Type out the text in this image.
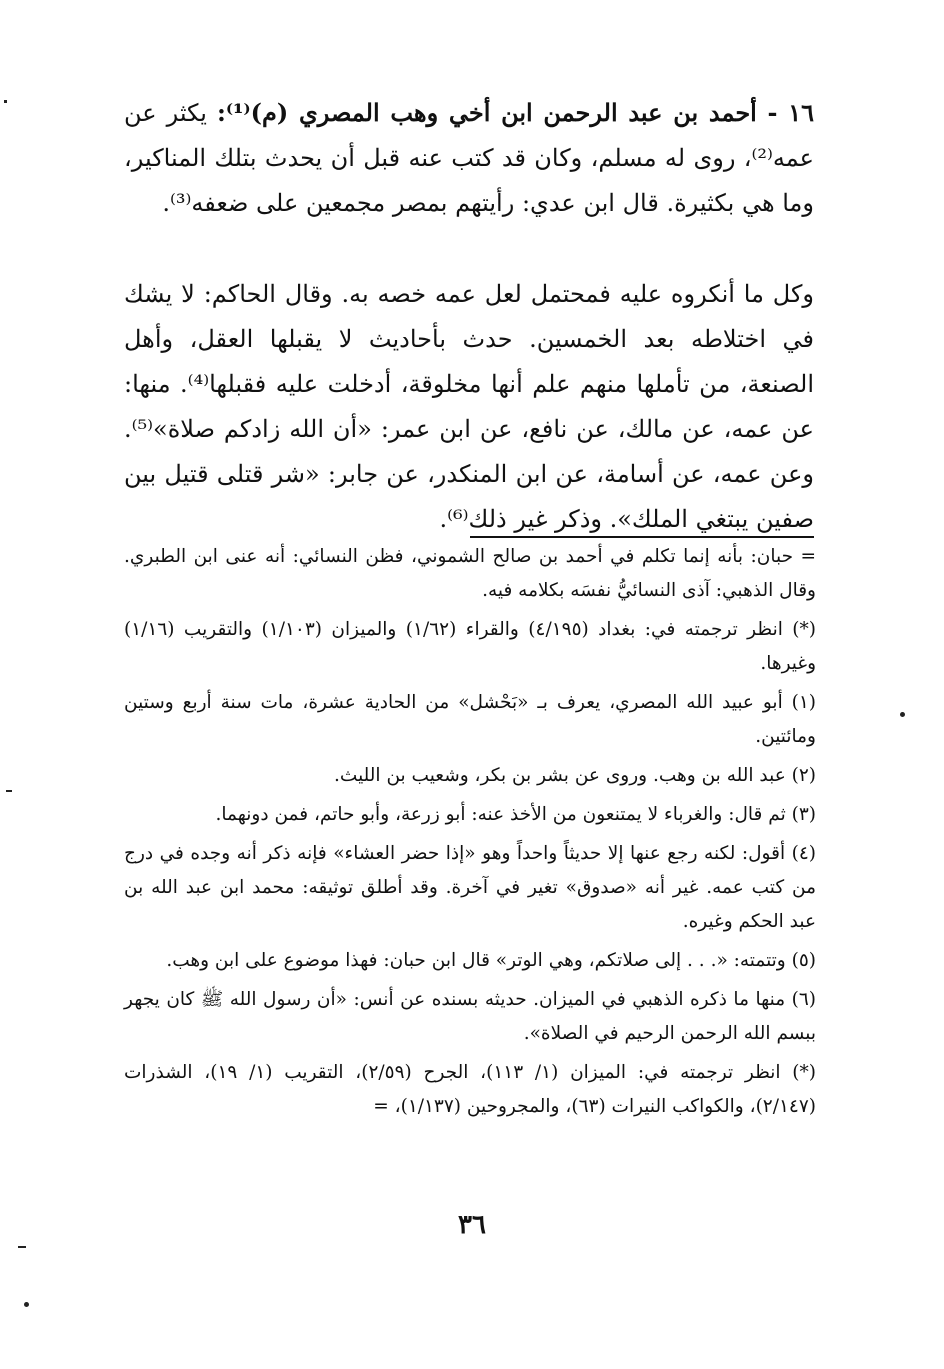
١٦ - أحمد بن عبد الرحمن ابن أخي وهب المصري (م)⁽¹⁾: يكثر عن عمه⁽²⁾، روى له مسلم، وكان قد كتب عنه قبل أن يحدث بتلك المناكير، وما هي بكثيرة. قال ابن عدي: رأيتهم بمصر مجمعين على ضعفه⁽³⁾.

وكل ما أنكروه عليه فمحتمل لعل عمه خصه به. وقال الحاكم: لا يشك في اختلاطه بعد الخمسين. حدث بأحاديث لا يقبلها العقل، وأهل الصنعة، من تأملها منهم علم أنها مخلوقة، أدخلت عليه فقبلها⁽⁴⁾. منها: عن عمه، عن مالك، عن نافع، عن ابن عمر: «أن الله زادكم صلاة»⁽⁵⁾. وعن عمه، عن أسامة، عن ابن المنكدر، عن جابر: «شر قتلى قتيل بين صفين يبتغي الملك». وذكر غير ذلك⁽⁶⁾.

= حبان: بأنه إنما تكلم في أحمد بن صالح الشموني، فظن النسائي: أنه عنى ابن الطبري. وقال الذهبي: آذى النسائيُّ نفسَه بكلامه فيه.

(*) انظر ترجمته في: بغداد (٤/١٩٥) والقراء (١/٦٢) والميزان (١/١٠٣) والتقريب (١/١٦) وغيرها.

(١) أبو عبيد الله المصري، يعرف بـ «بَحْشل» من الحادية عشرة، مات سنة أربع وستين ومائتين.

(٢) عبد الله بن وهب. وروى عن بشر بن بكر، وشعيب بن الليث.

(٣) ثم قال: والغرباء لا يمتنعون من الأخذ عنه: أبو زرعة، وأبو حاتم، فمن دونهما.

(٤) أقول: لكنه رجع عنها إلا حديثاً واحداً وهو «إذا حضر العشاء» فإنه ذكر أنه وجده في درج من كتب عمه. غير أنه «صدوق» تغير في آخرة. وقد أطلق توثيقه: محمد ابن عبد الله بن عبد الحكم وغيره.

(٥) وتتمته: «. . . إلى صلاتكم، وهي الوتر» قال ابن حبان: فهذا موضوع على ابن وهب.

(٦) منها ما ذكره الذهبي في الميزان. حديثه بسنده عن أنس: «أن رسول الله ﷺ كان يجهر ببسم الله الرحمن الرحيم في الصلاة».

(*) انظر ترجمته في: الميزان (١/ ١١٣)، الجرح (٢/٥٩)، التقريب (١/ ١٩)، الشذرات (٢/١٤٧)، والكواكب النيرات (٦٣)، والمجروحين (١/١٣٧)، =

٣٦
